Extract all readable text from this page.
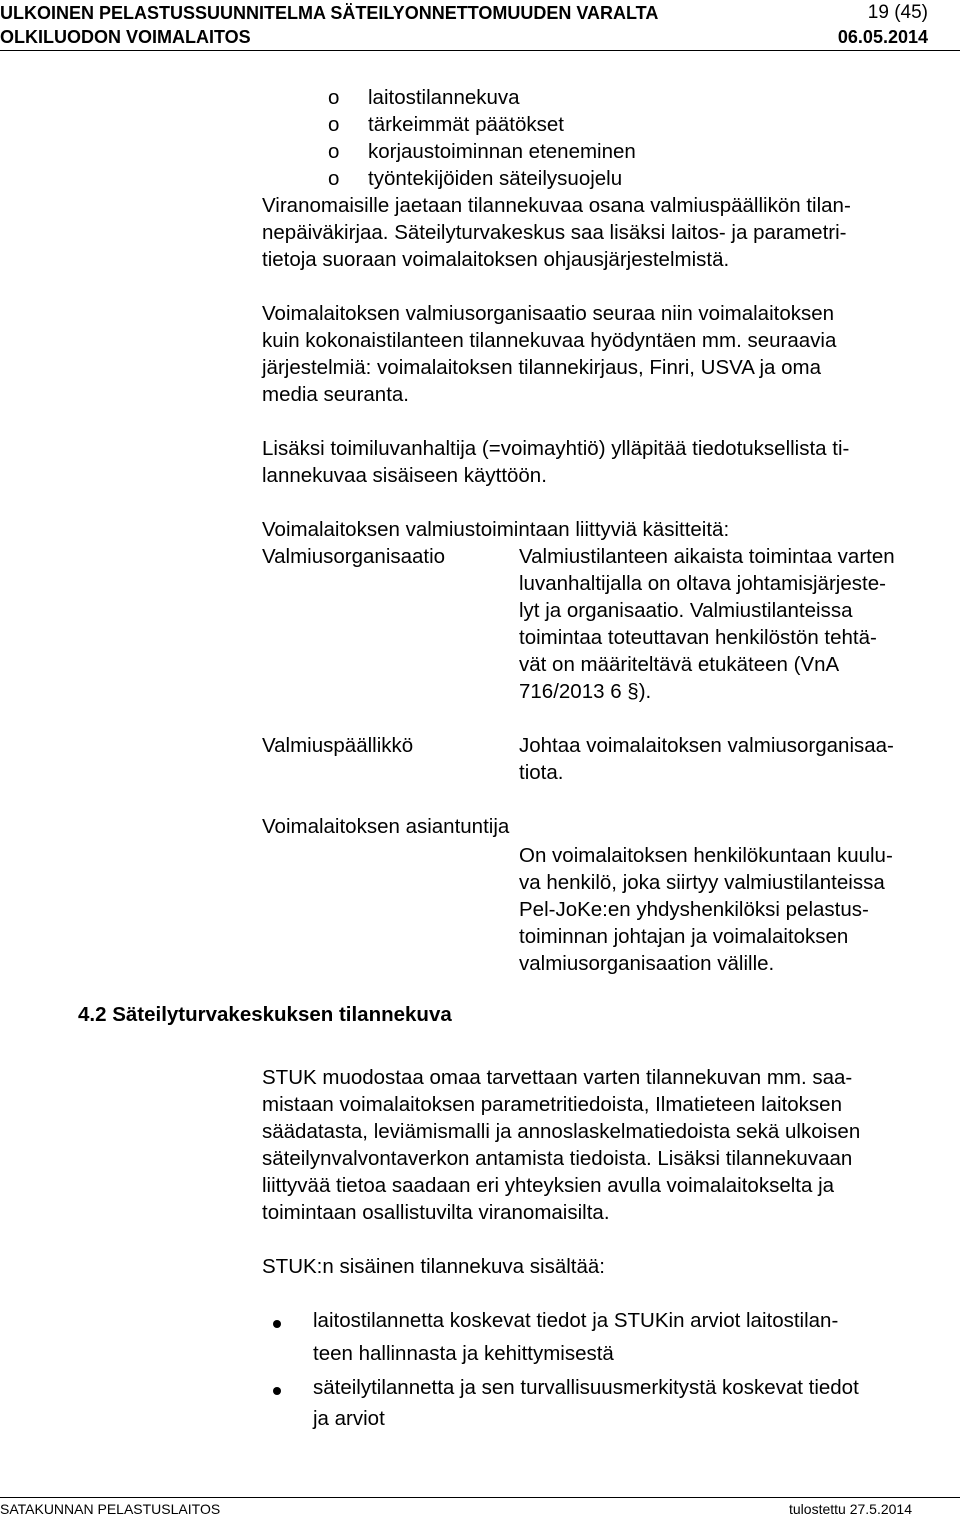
ULKOINEN PELASTUSSUUNNITELMA SÄTEILYONNETTOMUUDEN VARALTA
OLKILUODON VOIMALAITOS
19 (45)
06.05.2014
o laitostilannekuva
o tärkeimmät päätökset
o korjaustoiminnan eteneminen
o työntekijöiden säteilysuojelu
Viranomaisille jaetaan tilannekuvaa osana valmiuspäällikön tilan-
nepäiväkirjaa. Säteilyturvakeskus saa lisäksi laitos- ja parametri-
tietoja suoraan voimalaitoksen ohjausjärjestelmistä.
Voimalaitoksen valmiusorganisaatio seuraa niin voimalaitoksen
kuin kokonaistilanteen tilannekuvaa hyödyntäen mm. seuraavia
järjestelmiä: voimalaitoksen tilannekirjaus, Finri, USVA ja oma
media seuranta.
Lisäksi toimiluvanhaltija (=voimayhtiö) ylläpitää tiedotuksellista ti-
lannekuvaa sisäiseen käyttöön.
Voimalaitoksen valmiustoimintaan liittyviä käsitteitä:
Valmiusorganisaatio	Valmiustilanteen aikaista toimintaa varten
luvanhaltijalla on oltava johtamisjärjeste-
lyt ja organisaatio. Valmiustilanteissa
toimintaa toteuttavan henkilöstön tehtä-
vät on määriteltävä etukäteen (VnA
716/2013 6 §).
Valmiuspäällikkö	Johtaa voimalaitoksen valmiusorganisaa-
tiota.
Voimalaitoksen asiantuntija
On voimalaitoksen henkilökuntaan kuulu-
va henkilö, joka siirtyy valmiustilanteissa
Pel-JoKe:en yhdyshenkilöksi pelastus-
toiminnan johtajan ja voimalaitoksen
valmiusorganisaation välille.
4.2 Säteilyturvakeskuksen tilannekuva
STUK muodostaa omaa tarvettaan varten tilannekuvan mm. saa-
mistaan voimalaitoksen parametritiedoista, Ilmatieteen laitoksen
säädatasta, leviämismalli ja annoslaskelmatiedoista sekä ulkoisen
säteilynvalvontaverkon antamista tiedoista. Lisäksi tilannekuvaan
liittyvää tietoa saadaan eri yhteyksien avulla voimalaitokselta ja
toimintaan osallistuvilta viranomaisilta.
STUK:n sisäinen tilannekuva sisältää:
laitostilannetta koskevat tiedot ja STUKin arviot laitostilan-
teen hallinnasta ja kehittymisestä
säteilytilannetta ja sen turvallisuusmerkitystä koskevat tiedot
ja arviot
SATAKUNNAN PELASTUSLAITOS	tulostettu 27.5.2014
